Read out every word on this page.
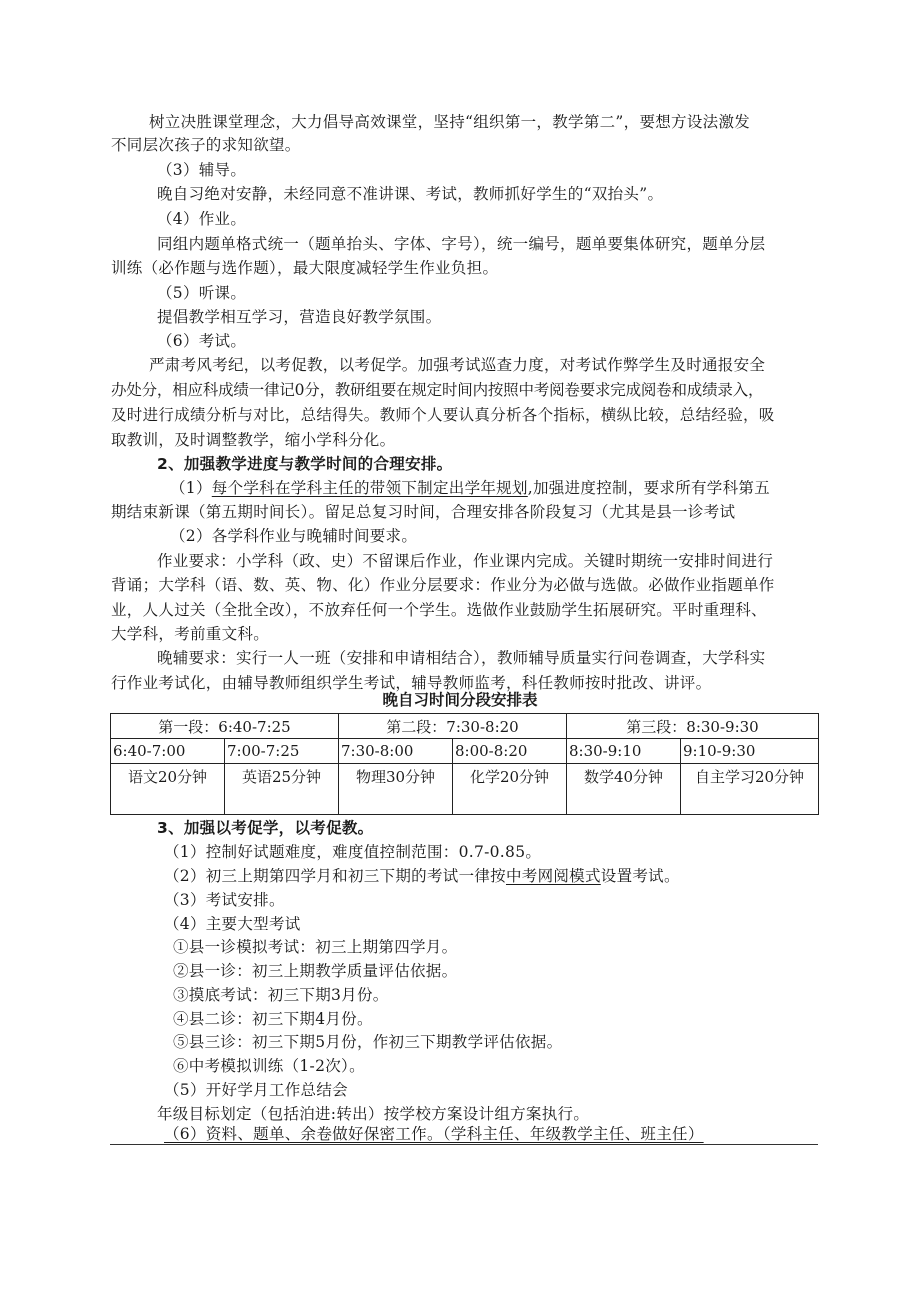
树立决胜课堂理念，大力倡导高效课堂，坚持“组织第一，教学第二”，要想方设法激发
不同层次孩子的求知欲望。
（3）辅导。
晚自习绝对安静，未经同意不准讲课、考试，教师抓好学生的“双抬头”。
（4）作业。
同组内题单格式统一（题单抬头、字体、字号），统一编号，题单要集体研究，题单分层
训练（必作题与选作题），最大限度减轻学生作业负担。
（5）听课。
提倡教学相互学习，营造良好教学氛围。
（6）考试。
严肃考风考纪，以考促教，以考促学。加强考试巡查力度，对考试作弊学生及时通报安全
办处分，相应科成绩一律记0分，教研组要在规定时间内按照中考阅卷要求完成阅卷和成绩录入，
及时进行成绩分析与对比，总结得失。教师个人要认真分析各个指标，横纵比较，总结经验，吸
取教训，及时调整教学，缩小学科分化。
2、加强教学进度与教学时间的合理安排。
（1）每个学科在学科主任的带领下制定出学年规划,加强进度控制，要求所有学科第五
期结束新课（第五期时间长）。留足总复习时间，合理安排各阶段复习（尤其是县一诊考试
（2）各学科作业与晚辅时间要求。
作业要求：小学科（政、史）不留课后作业，作业课内完成。关键时期统一安排时间进行
背诵；大学科（语、数、英、物、化）作业分层要求：作业分为必做与选做。必做作业指题单作
业，人人过关（全批全改），不放弃任何一个学生。选做作业鼓励学生拓展研究。平时重理科、
大学科，考前重文科。
晚辅要求：实行一人一班（安排和申请相结合），教师辅导质量实行问卷调查，大学科实
行作业考试化，由辅导教师组织学生考试，辅导教师监考，科任教师按时批改、讲评。
晚自习时间分段安排表
第一段：6:40-7:25		第二段：7:30-8:20		第三段：8:30-9:30	
6:40-7:00	7:00-7:25	7:30-8:00	8:00-8:20	8:30-9:10	9:10-9:30
语文20分钟	英语25分钟	物理30分钟	化学20分钟	数学40分钟	自主学习20分钟
3、加强以考促学，以考促教。
（1）控制好试题难度，难度值控制范围：0.7-0.85。
（2）初三上期第四学月和初三下期的考试一律按中考网阅模式设置考试。
（3）考试安排。
（4）主要大型考试
①县一诊模拟考试：初三上期第四学月。
②县一诊：初三上期教学质量评估依据。
③摸底考试：初三下期3月份。
④县二诊：初三下期4月份。
⑤县三诊：初三下期5月份，作初三下期教学评估依据。
⑥中考模拟训练（1-2次）。
（5）开好学月工作总结会
年级目标划定（包括泊进:转出）按学校方案设计组方案执行。
（6）资料、题单、余卷做好保密工作。（学科主任、年级教学主任、班主任）
